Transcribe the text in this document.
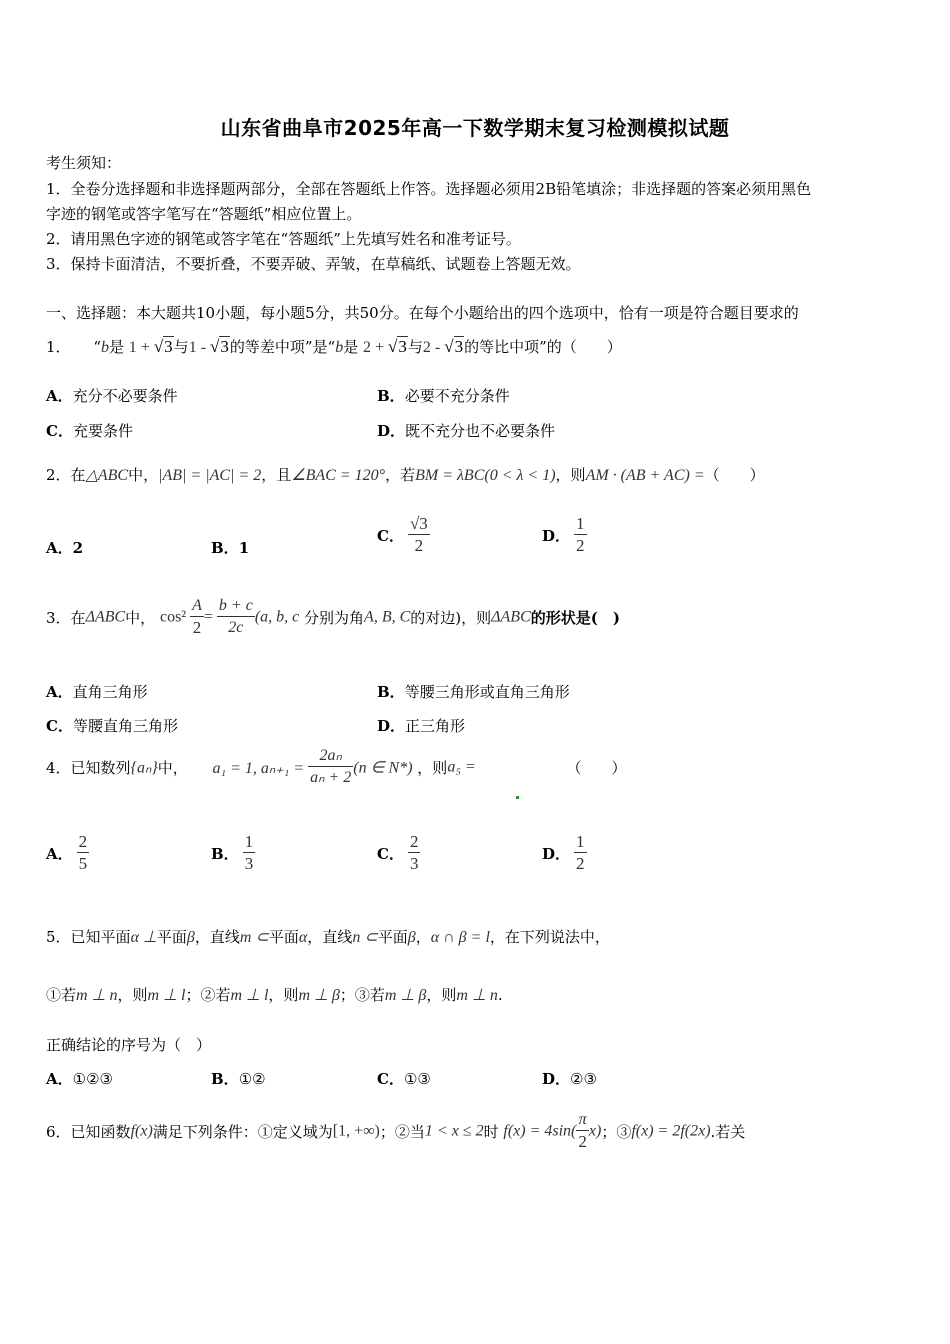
山东省曲阜市2025年高一下数学期末复习检测模拟试题
考生须知：
1．全卷分选择题和非选择题两部分，全部在答题纸上作答。选择题必须用2B铅笔填涂；非选择题的答案必须用黑色
字迹的钢笔或答字笔写在“答题纸”相应位置上。
2．请用黑色字迹的钢笔或答字笔在“答题纸”上先填写姓名和准考证号。
3．保持卡面清洁，不要折叠，不要弄破、弄皱，在草稿纸、试题卷上答题无效。
一、选择题：本大题共10小题，每小题5分，共50分。在每个小题给出的四个选项中，恰有一项是符合题目要求的
1． “b是 1 + √3与1 - √3的等差中项”是“b是 2 + √3与2 - √3的等比中项”的（　　）
A．充分不必要条件	B．必要不充分条件
C．充要条件	D．既不充分也不必要条件
2．在△ABC中，|AB| = |AC| = 2，且∠BAC = 120°，若BM = λBC(0 < λ < 1)，则AM · (AB + AC) =（　　）
A．2	B．1
C． $\frac{√3}{2}$	D． $\frac{1}{2}$
3．在ΔABC中， $\cos^2 \frac{A}{2} = \frac{b + c}{2c} (a$, b, c 分别为角A, B, C的对边)，则ΔABC的形状是(　)
A．直角三角形	B．等腰三角形或直角三角形
C．等腰直角三角形	D．正三角形
4．已知数列{aₙ}中， a₁ = 1, $a_{n+1} = \frac{\text{2aₙ}}{\text{aₙ + 2}} (n$ ∈ N*) ，则a₅ =	（　　）
A． $\frac{2}{5}$	B． $\frac{1}{3}$	C． $\frac{2}{3}$	D． $\frac{1}{2}$
5．已知平面α ⊥平面β，直线m ⊂平面α，直线n ⊂平面β，α ∩ β = l，在下列说法中，
①若m ⊥ n，则m ⊥ l；②若m ⊥ l，则m ⊥ β；③若m ⊥ β，则m ⊥ n.
正确结论的序号为（　）
A．①②③	B．①②	C．①③	D．②③
6．已知函数f(x)满足下列条件：①定义域为[1, +∞)；②当1 < x ≤ 2时 $f(x) = 4\sin( \frac{\pi}{2} x)$；③f(x) = 2f(2x).若关
